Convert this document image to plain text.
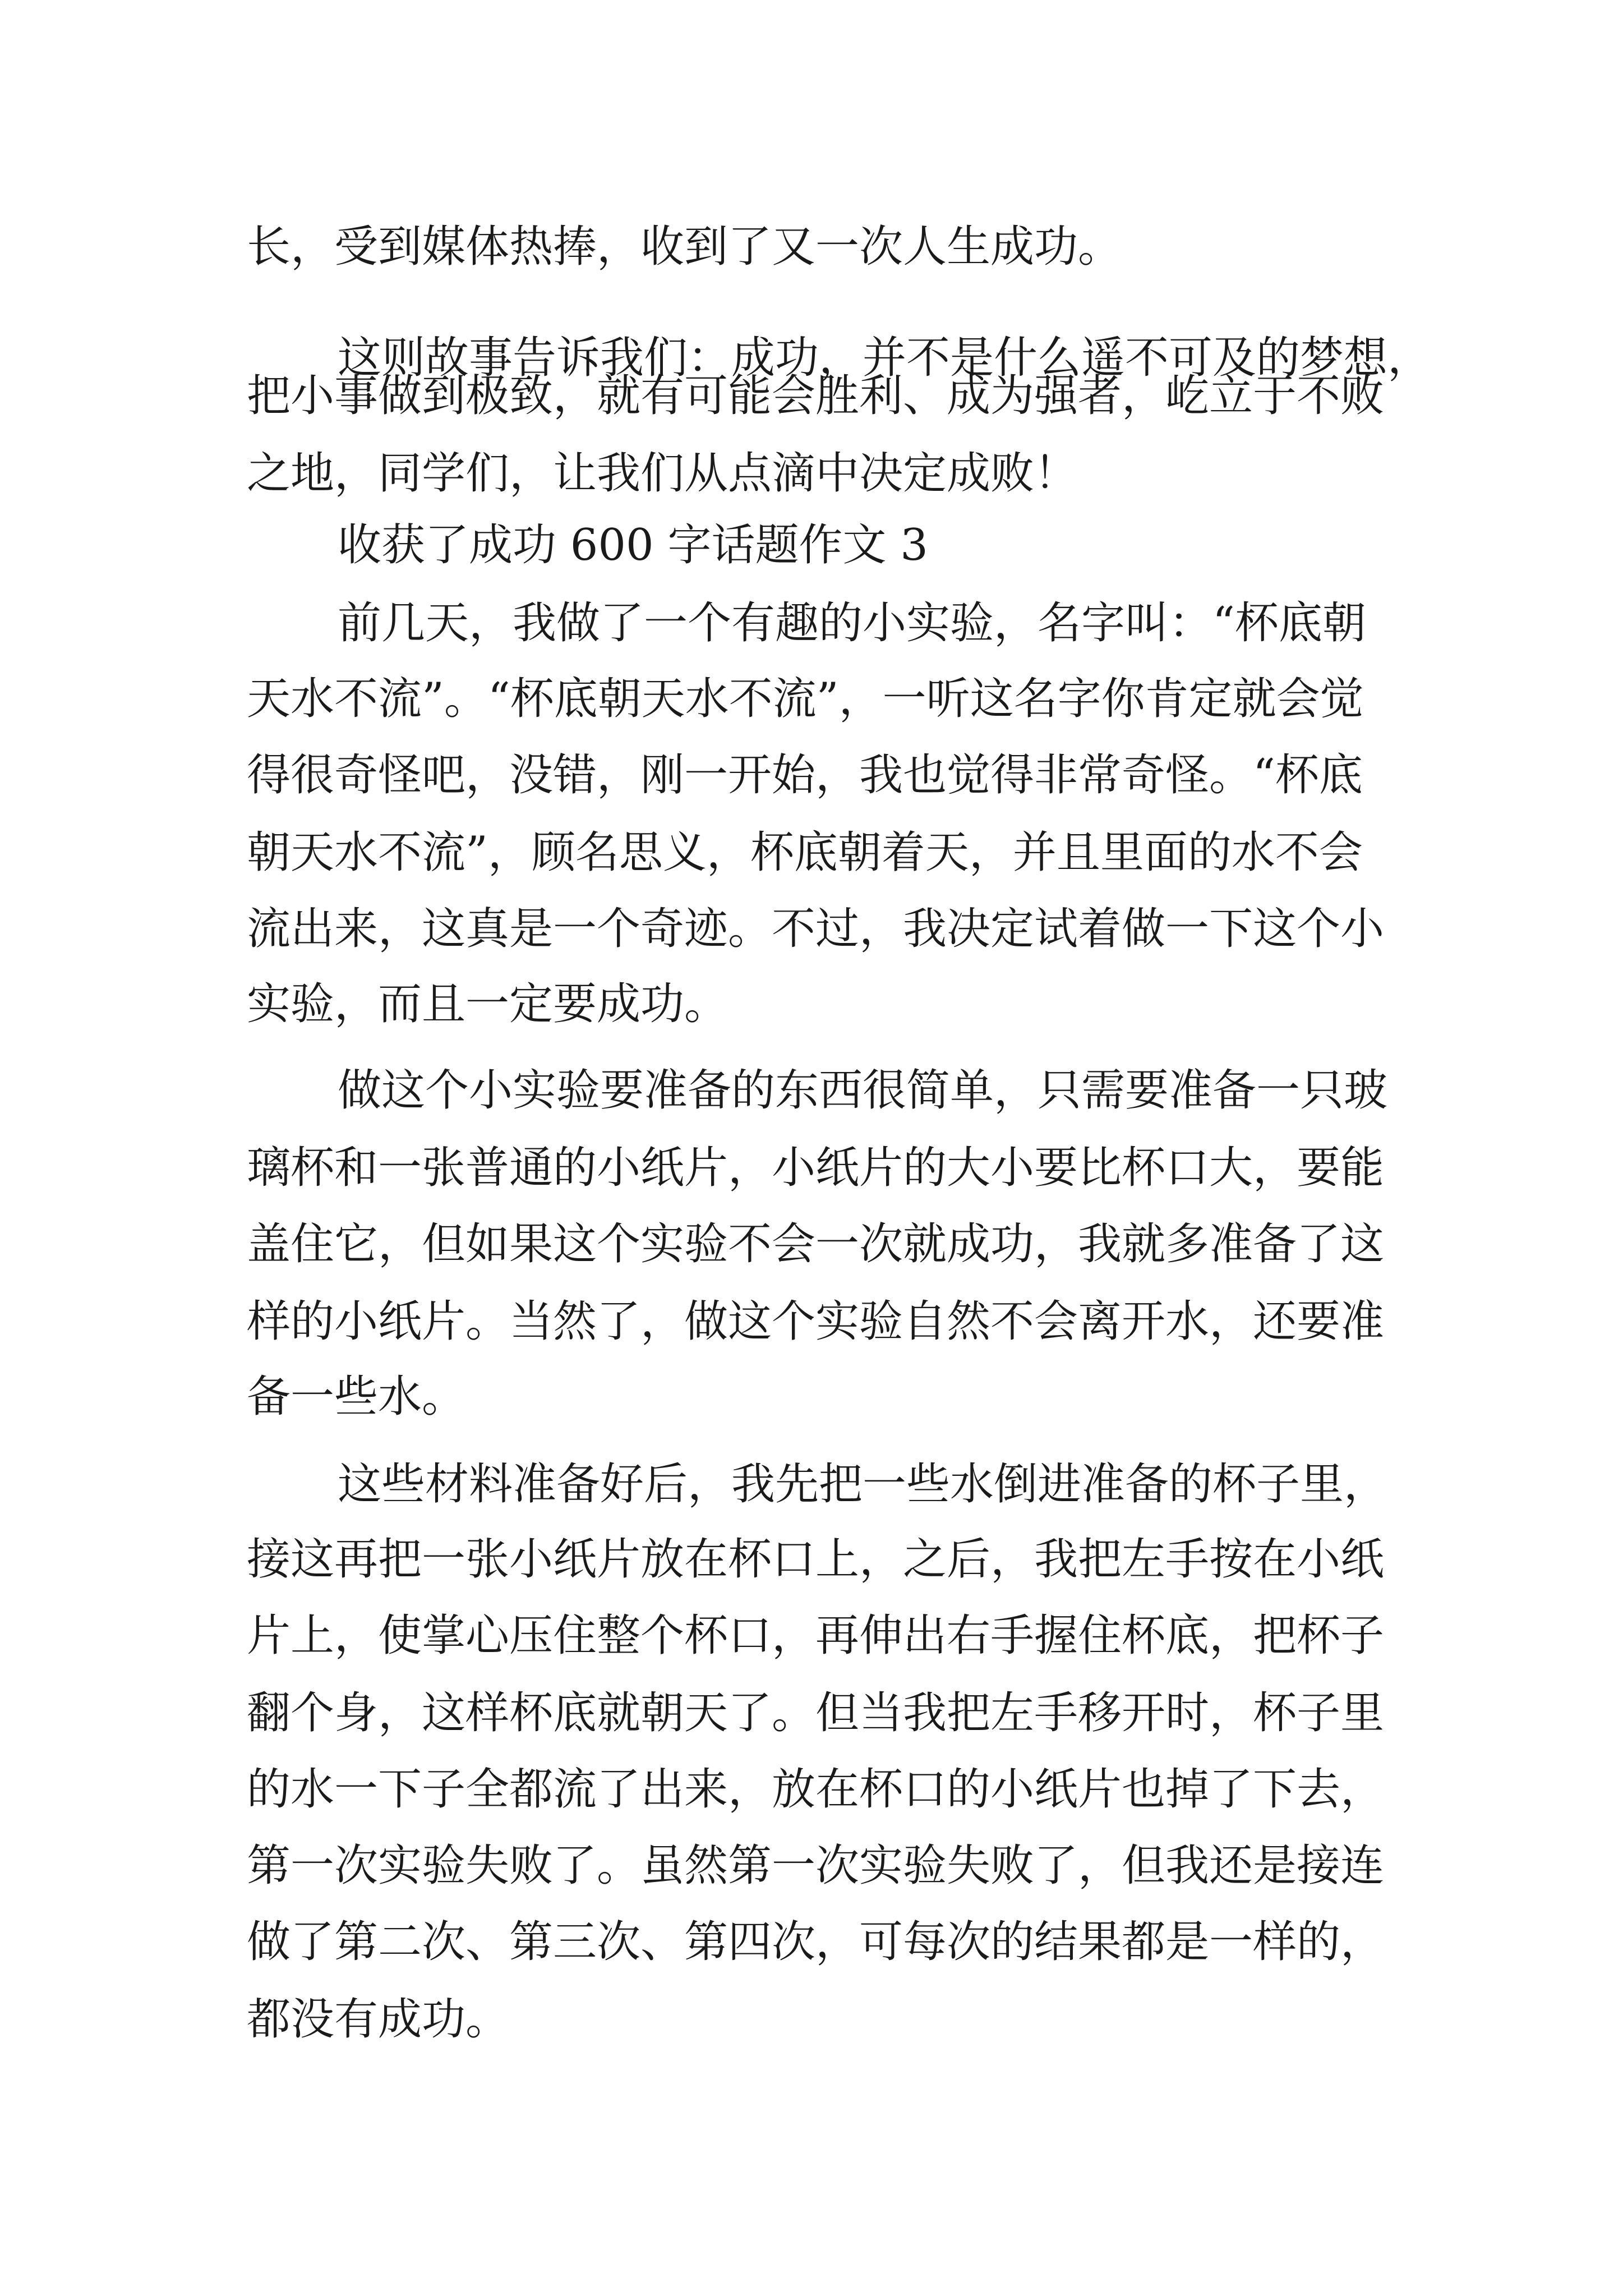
长，受到媒体热捧，收到了又一次人生成功。

这则故事告诉我们：成功，并不是什么遥不可及的梦想，

把小事做到极致，就有可能会胜利、成为强者，屹立于不败

之地，同学们，让我们从点滴中决定成败！

收获了成功 600 字话题作文 3

前几天，我做了一个有趣的小实验，名字叫：“杯底朝

天水不流”。“杯底朝天水不流”，一听这名字你肯定就会觉

得很奇怪吧，没错，刚一开始，我也觉得非常奇怪。“杯底

朝天水不流”，顾名思义，杯底朝着天，并且里面的水不会

流出来，这真是一个奇迹。不过，我决定试着做一下这个小

实验，而且一定要成功。

做这个小实验要准备的东西很简单，只需要准备一只玻

璃杯和一张普通的小纸片，小纸片的大小要比杯口大，要能

盖住它，但如果这个实验不会一次就成功，我就多准备了这

样的小纸片。当然了，做这个实验自然不会离开水，还要准

备一些水。

这些材料准备好后，我先把一些水倒进准备的杯子里，

接这再把一张小纸片放在杯口上，之后，我把左手按在小纸

片上，使掌心压住整个杯口，再伸出右手握住杯底，把杯子

翻个身，这样杯底就朝天了。但当我把左手移开时，杯子里

的水一下子全都流了出来，放在杯口的小纸片也掉了下去，

第一次实验失败了。虽然第一次实验失败了，但我还是接连

做了第二次、第三次、第四次，可每次的结果都是一样的，

都没有成功。
